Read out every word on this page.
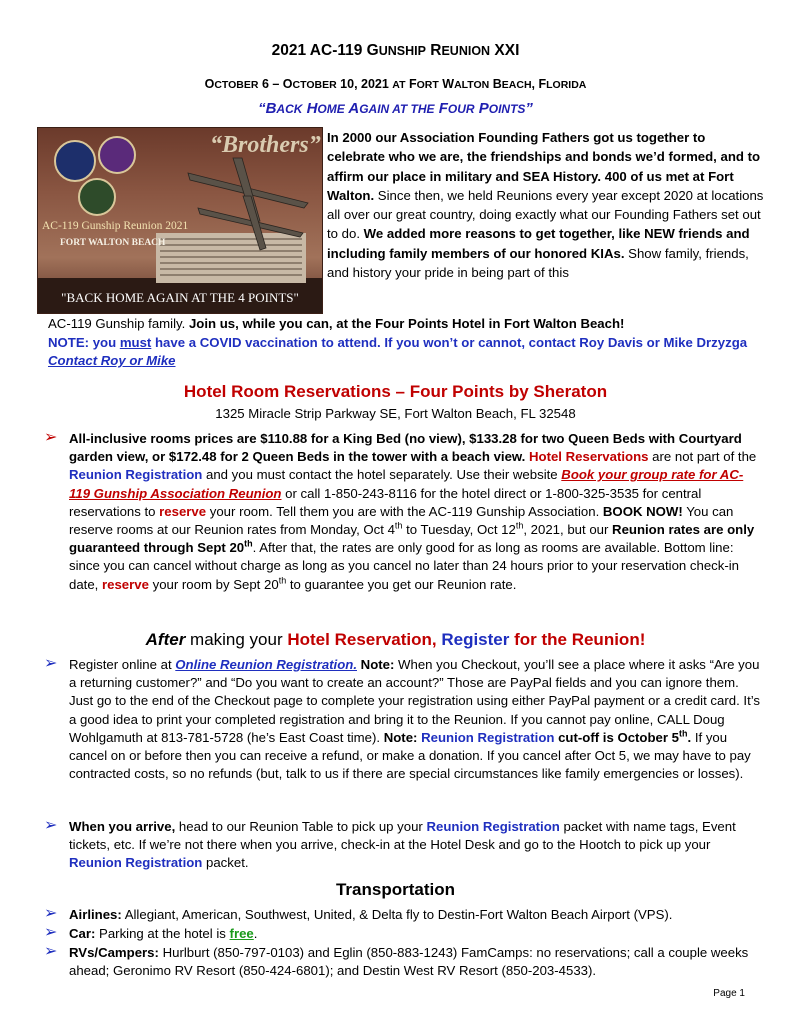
2021 AC-119 GUNSHIP REUNION XXI
OCTOBER 6 – OCTOBER 10, 2021 AT FORT WALTON BEACH, FLORIDA
“BACK HOME AGAIN AT THE FOUR POINTS”
“Brothers”
AC-119 Gunship Reunion 2021
FORT WALTON BEACH
"BACK HOME AGAIN AT THE 4 POINTS"
In 2000 our Association Founding Fathers got us together to celebrate who we are, the friendships and bonds we’d formed, and to affirm our place in military and SEA History. 400 of us met at Fort Walton. Since then, we held Reunions every year except 2020 at locations all over our great country, doing exactly what our Founding Fathers set out to do. We added more reasons to get together, like NEW friends and including family members of our honored KIAs. Show family, friends, and history your pride in being part of this
AC-119 Gunship family. Join us, while you can, at the Four Points Hotel in Fort Walton Beach!
NOTE: you must have a COVID vaccination to attend. If you won’t or cannot, contact Roy Davis or Mike Drzyzga Contact Roy or Mike
Hotel Room Reservations – Four Points by Sheraton
1325 Miracle Strip Parkway SE, Fort Walton Beach, FL 32548
➢ All-inclusive rooms prices are $110.88 for a King Bed (no view), $133.28 for two Queen Beds with Courtyard garden view, or $172.48 for 2 Queen Beds in the tower with a beach view. Hotel Reservations are not part of the Reunion Registration and you must contact the hotel separately. Use their website Book your group rate for AC-119 Gunship Association Reunion or call 1-850-243-8116 for the hotel direct or 1-800-325-3535 for central reservations to reserve your room. Tell them you are with the AC-119 Gunship Association. BOOK NOW! You can reserve rooms at our Reunion rates from Monday, Oct 4th to Tuesday, Oct 12th, 2021, but our Reunion rates are only guaranteed through Sept 20th. After that, the rates are only good for as long as rooms are available. Bottom line: since you can cancel without charge as long as you cancel no later than 24 hours prior to your reservation check-in date, reserve your room by Sept 20th to guarantee you get our Reunion rate.
After making your Hotel Reservation, Register for the Reunion!
➢ Register online at Online Reunion Registration. Note: When you Checkout, you’ll see a place where it asks “Are you a returning customer?” and “Do you want to create an account?” Those are PayPal fields and you can ignore them. Just go to the end of the Checkout page to complete your registration using either PayPal payment or a credit card. It’s a good idea to print your completed registration and bring it to the Reunion. If you cannot pay online, CALL Doug Wohlgamuth at 813-781-5728 (he’s East Coast time). Note: Reunion Registration cut-off is October 5th. If you cancel on or before then you can receive a refund, or make a donation. If you cancel after Oct 5, we may have to pay contracted costs, so no refunds (but, talk to us if there are special circumstances like family emergencies or losses).
➢ When you arrive, head to our Reunion Table to pick up your Reunion Registration packet with name tags, Event tickets, etc. If we’re not there when you arrive, check-in at the Hotel Desk and go to the Hootch to pick up your Reunion Registration packet.
Transportation
➢ Airlines: Allegiant, American, Southwest, United, & Delta fly to Destin-Fort Walton Beach Airport (VPS).
➢ Car: Parking at the hotel is free.
➢ RVs/Campers: Hurlburt (850-797-0103) and Eglin (850-883-1243) FamCamps: no reservations; call a couple weeks ahead; Geronimo RV Resort (850-424-6801); and Destin West RV Resort (850-203-4533).
Page 1
